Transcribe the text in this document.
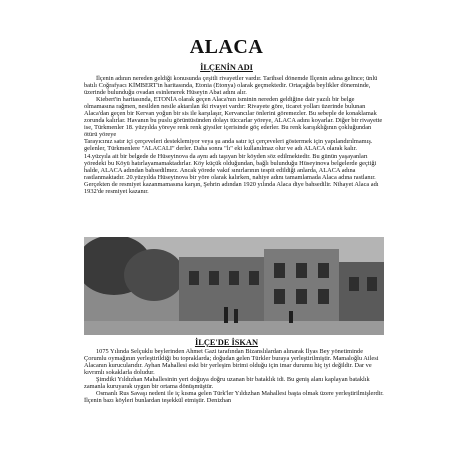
ALACA
İLÇENİN ADI

İlçenin adının nereden geldiği konusunda çeşitli rivayetler vardır. Tarihsel dönemde İlçenin adına gelince; ünlü batılı Coğrafyacı KİMBERT'in haritasında, Etonia (Etonya) olarak geçmektedir. Ortaçağda beylikler döneminde, üzerinde bulunduğu ovadan esinlenerek Hüseyin Abat adını alır.

Kiebert'in haritasında, ETONİA olarak geçen Alaca'nın isminin nereden geldiğine dair yazılı bir belge olmamasına rağmen, nesilden nesile aktarılan iki rivayet vardır: Rivayete göre, ticaret yolları üzerinde bulunan Alaca'dan geçen bir Kervan yoğun bir sis ile karşılaşır, Kervancılar önlerini göremezler. Bu sebeple de konaklamak zorunda kalırlar. Havanın bu puslu görüntüsünden dolayı tüccarlar yöreye, ALACA adını koyarlar. Diğer bir rivayette ise, Türkmenler 18. yüzyılda yöreye renk renk giysiler içerisinde göç ederler. Bu renk karışıklığının çokluğundan ötürü yöreye

Tarayıcınız satır içi çerçeveleri desteklemiyor veya şu anda satır içi çerçeveleri göstermek için yapılandırılmamış.

gelenler, Türkmenlere "ALACALI" derler. Daha sonra "lı" eki kullanılmaz olur ve adı ALACA olarak kalır. 14.yüzyıla ait bir belgede de Hüseyinova da aynı adı taşıyan bir köyden söz edilmektedir. Bu günün yaşayanları yöredeki bu Köyü hatırlayamamaktadırlar. Köy küçük olduğundan, bağlı bulunduğu Hüseyinova belgelerde geçtiği halde, ALACA adından bahsedilmez. Ancak yörede vakıf sınırlarının tespit edildiği anlarda, ALACA adına rastlanmaktadır. 20.yüzyılda Hüseyinova bir yöre olarak kalırken, nahiye adını tamamlamada Alaca adına rastlanır. Gerçekten de resmiyet kazanmamasına karşın, Şehrin adından 1920 yılında Alaca diye bahsedilir. Nihayet Alaca adı 1932'de resmiyet kazanır.

İLÇE'DE İSKAN

1075 Yılında Selçuklu beylerinden Ahmet Gazi tarafından Bizanslılardan alınarak İlyas Bey yönetiminde Çorumlu oymağının yerleştirildiği bu topraklarda; doğudan gelen Türkler buraya yerleştirilmiştir. Mamaloğlu Ailesi Alacanın kurucularıdır. Ayhan Mahallesi eski bir yerleşim birimi olduğu için imar durumu hiç iyi değildir. Dar ve kıvrımlı sokaklarla doludur.

Şimdiki Yıldızhan Mahallesinin yeri doğuya doğru uzanan bir bataklık idi. Bu geniş alanı kaplayan bataklık zamanla kuruyarak uygun bir ortama dönüşmüştür.

Osmanlı Rus Savaşı nedeni ile iç kısma gelen Türk'ler Yıldızhan Mahallesi başta olmak üzere yerleştirilmişlerdir. İlçenin bazı köyleri bunlardan teşekkül etmiştir. Denizhan
